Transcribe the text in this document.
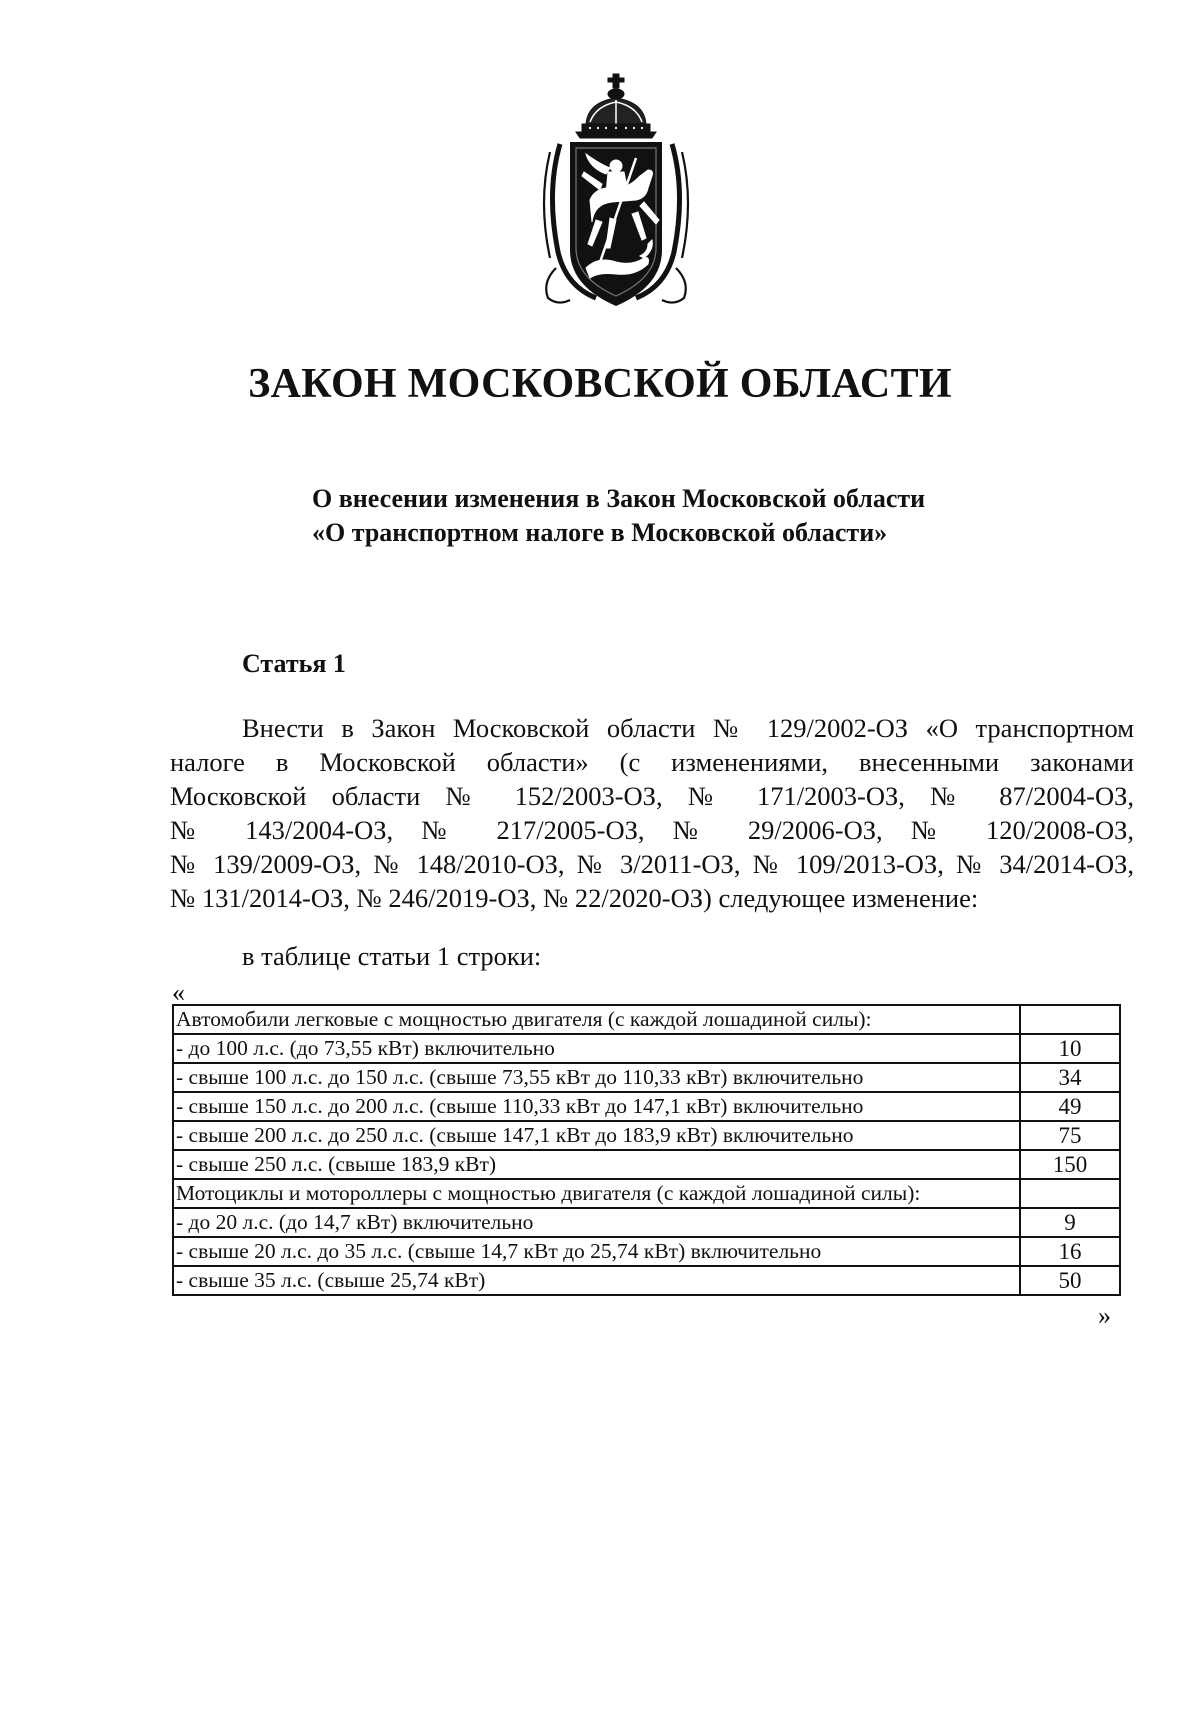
ЗАКОН МОСКОВСКОЙ ОБЛАСТИ
О внесении изменения в Закон Московской области
«О транспортном налоге в Московской области»
Статья 1
Внести в Закон Московской области № 129/2002-ОЗ «О транспортном
налоге в Московской области» (с изменениями, внесенными законами
Московской области № 152/2003-ОЗ, № 171/2003-ОЗ, № 87/2004-ОЗ,
№ 143/2004-ОЗ, № 217/2005-ОЗ, № 29/2006-ОЗ, № 120/2008-ОЗ,
№ 139/2009-ОЗ, № 148/2010-ОЗ, № 3/2011-ОЗ, № 109/2013-ОЗ, № 34/2014-ОЗ,
№ 131/2014-ОЗ, № 246/2019-ОЗ, № 22/2020-ОЗ) следующее изменение:
в таблице статьи 1 строки:
«
Автомобили легковые с мощностью двигателя (с каждой лошадиной силы):	
- до 100 л.с. (до 73,55 кВт) включительно	10
- свыше 100 л.с. до 150 л.с. (свыше 73,55 кВт до 110,33 кВт) включительно	34
- свыше 150 л.с. до 200 л.с. (свыше 110,33 кВт до 147,1 кВт) включительно	49
- свыше 200 л.с. до 250 л.с. (свыше 147,1 кВт до 183,9 кВт) включительно	75
- свыше 250 л.с. (свыше 183,9 кВт)	150
Мотоциклы и мотороллеры с мощностью двигателя (с каждой лошадиной силы):	
- до 20 л.с. (до 14,7 кВт) включительно	9
- свыше 20 л.с. до 35 л.с. (свыше 14,7 кВт до 25,74 кВт) включительно	16
- свыше 35 л.с. (свыше 25,74 кВт)	50
»
